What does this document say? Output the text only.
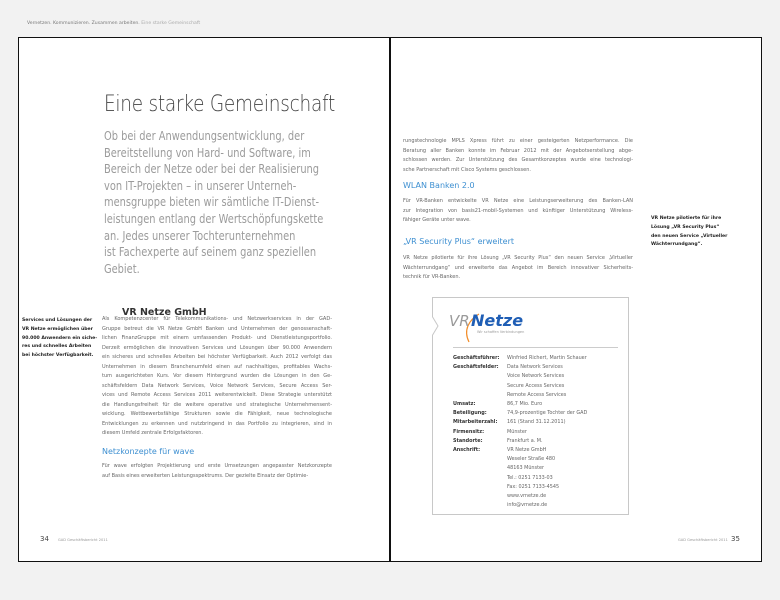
Vernetzen. Kommunizieren. Zusammen arbeiten. Eine starke Gemeinschaft
Eine starke Gemeinschaft
Ob bei der Anwendungsentwicklung, der
Bereitstellung von Hard- und Software, im
Bereich der Netze oder bei der Realisierung
von IT-Projekten – in unserer Unterneh-
mensgruppe bieten wir sämtliche IT-Dienst-
leistungen entlang der Wertschöpfungskette
an. Jedes unserer Tochterunternehmen
ist Fachexperte auf seinem ganz speziellen
Gebiet.
VR Netze GmbH
Services und Lösungen der
VR Netze ermöglichen über
90.000 Anwendern ein siche-
res und schnelles Arbeiten
bei höchster Verfügbarkeit.
Als Kompetenzcenter für Telekommunikations- und Netzwerkservices in der GAD-
Gruppe betreut die VR Netze GmbH Banken und Unternehmen der genossenschaft-
lichen FinanzGruppe mit einem umfassenden Produkt- und Dienstleistungsportfolio.
Derzeit ermöglichen die innovativen Services und Lösungen über 90.000 Anwendern
ein sicheres und schnelles Arbeiten bei höchster Verfügbarkeit. Auch 2012 verfolgt das
Unternehmen in diesem Branchenumfeld einen auf nachhaltiges, profitables Wachs-
tum ausgerichteten Kurs. Vor diesem Hintergrund wurden die Lösungen in den Ge-
schäftsfeldern Data Network Services, Voice Network Services, Secure Access Ser-
vices und Remote Access Services 2011 weiterentwickelt. Diese Strategie unterstützt
die Handlungsfreiheit für die weitere operative und strategische Unternehmensent-
wicklung. Wettbewerbsfähige Strukturen sowie die Fähigkeit, neue technologische
Entwicklungen zu erkennen und nutzbringend in das Portfolio zu integrieren, sind in
diesem Umfeld zentrale Erfolgsfaktoren.
Netzkonzepte für wave
Für wave erfolgten Projektierung und erste Umsetzungen angepasster Netzkonzepte
auf Basis eines erweiterten Leistungsspektrums. Der gezielte Einsatz der Optimie-
34	GAD Geschäftsbericht 2011
rungstechnologie MPLS Xpress führt zu einer gesteigerten Netzperformance. Die
Beratung aller Banken konnte im Februar 2012 mit der Angebotserstellung abge-
schlossen werden. Zur Unterstützung des Gesamtkonzeptes wurde eine technologi-
sche Partnerschaft mit Cisco Systems geschlossen.
WLAN Banken 2.0
Für VR-Banken entwickelte VR Netze eine Leistungserweiterung des Banken-LAN
zur Integration von basis21-mobil-Systemen und künftiger Unterstützung Wireless-
fähiger Geräte unter wave.
„VR Security Plus“ erweitert
VR Netze pilotierte für ihre Lösung „VR Security Plus“ den neuen Service „Virtueller
Wächterrundgang“ und erweiterte das Angebot im Bereich innovativer Sicherheits-
technik für VR-Banken.
VR Netze pilotierte für ihre
Lösung „VR Security Plus“
den neuen Service „Virtueller
Wächterrundgang“.
VR Netze
Wir schaffen Verbindungen
Geschäftsführer:	Winfried Richert, Martin Schauer
Geschäftsfelder:	Data Network Services
Voice Network Services
Secure Access Services
Remote Access Services
Umsatz:	86,7 Mio. Euro
Beteiligung:	74,9-prozentige Tochter der GAD
Mitarbeiterzahl:	161 (Stand 31.12.2011)
Firmensitz:	Münster
Standorte:	Frankfurt a. M.
Anschrift:	VR Netze GmbH
Weseler Straße 480
48163 Münster
Tel.: 0251 7133-03
Fax: 0251 7133-4545
www.vrnetze.de
info@vrnetze.de
35
GAD Geschäftsbericht 2011
